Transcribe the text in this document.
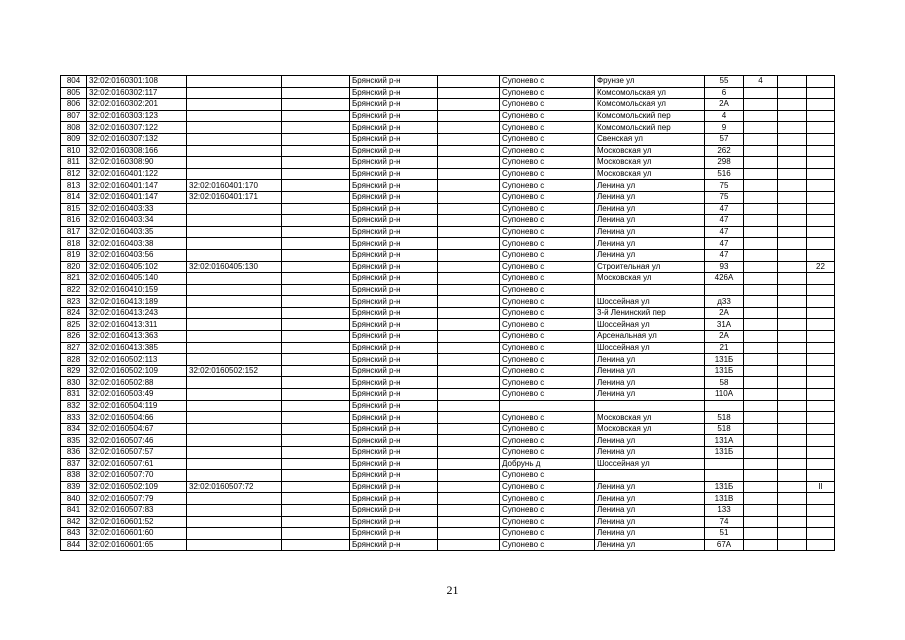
804	32:02:0160301:108			Брянский р-н		Супонево с	Фрунзе ул	55	4		
805	32:02:0160302:117			Брянский р-н		Супонево с	Комсомольская ул	6			
806	32:02:0160302:201			Брянский р-н		Супонево с	Комсомольская ул	2А			
807	32:02:0160303:123			Брянский р-н		Супонево с	Комсомольский пер	4			
808	32:02:0160307:122			Брянский р-н		Супонево с	Комсомольский пер	9			
809	32:02:0160307:132			Брянский р-н		Супонево с	Свенская ул	57			
810	32:02:0160308:166			Брянский р-н		Супонево с	Московская ул	262			
811	32:02:0160308:90			Брянский р-н		Супонево с	Московская ул	298			
812	32:02:0160401:122			Брянский р-н		Супонево с	Московская ул	516			
813	32:02:0160401:147	32:02:0160401:170		Брянский р-н		Супонево с	Ленина ул	75			
814	32:02:0160401:147	32:02:0160401:171		Брянский р-н		Супонево с	Ленина ул	75			
815	32:02:0160403:33			Брянский р-н		Супонево с	Ленина ул	47			
816	32:02:0160403:34			Брянский р-н		Супонево с	Ленина ул	47			
817	32:02:0160403:35			Брянский р-н		Супонево с	Ленина ул	47			
818	32:02:0160403:38			Брянский р-н		Супонево с	Ленина ул	47			
819	32:02:0160403:56			Брянский р-н		Супонево с	Ленина ул	47			
820	32:02:0160405:102	32:02:0160405:130		Брянский р-н		Супонево с	Строительная ул	93			22
821	32:02:0160405:140			Брянский р-н		Супонево с	Московская ул	426А			
822	32:02:0160410:159			Брянский р-н		Супонево с					
823	32:02:0160413:189			Брянский р-н		Супонево с	Шоссейная ул	д33			
824	32:02:0160413:243			Брянский р-н		Супонево с	3-й Ленинский пер	2А			
825	32:02:0160413:311			Брянский р-н		Супонево с	Шоссейная ул	31А			
826	32:02:0160413:363			Брянский р-н		Супонево с	Арсенальная ул	2А			
827	32:02:0160413:385			Брянский р-н		Супонево с	Шоссейная ул	21			
828	32:02:0160502:113			Брянский р-н		Супонево с	Ленина ул	131Б			
829	32:02:0160502:109	32:02:0160502:152		Брянский р-н		Супонево с	Ленина ул	131Б			
830	32:02:0160502:88			Брянский р-н		Супонево с	Ленина ул	58			
831	32:02:0160503:49			Брянский р-н		Супонево с	Ленина ул	110А			
832	32:02:0160504:119			Брянский р-н							
833	32:02:0160504:66			Брянский р-н		Супонево с	Московская ул	518			
834	32:02:0160504:67			Брянский р-н		Супонево с	Московская ул	518			
835	32:02:0160507:46			Брянский р-н		Супонево с	Ленина ул	131А			
836	32:02:0160507:57			Брянский р-н		Супонево с	Ленина ул	131Б			
837	32:02:0160507:61			Брянский р-н		Добрунь д	Шоссейная ул				
838	32:02:0160507:70			Брянский р-н		Супонево с					
839	32:02:0160502:109	32:02:0160507:72		Брянский р-н		Супонево с	Ленина ул	131Б			II
840	32:02:0160507:79			Брянский р-н		Супонево с	Ленина ул	131В			
841	32:02:0160507:83			Брянский р-н		Супонево с	Ленина ул	133			
842	32:02:0160601:52			Брянский р-н		Супонево с	Ленина ул	74			
843	32:02:0160601:60			Брянский р-н		Супонево с	Ленина ул	51			
844	32:02:0160601:65			Брянский р-н		Супонево с	Ленина ул	67А			
21
